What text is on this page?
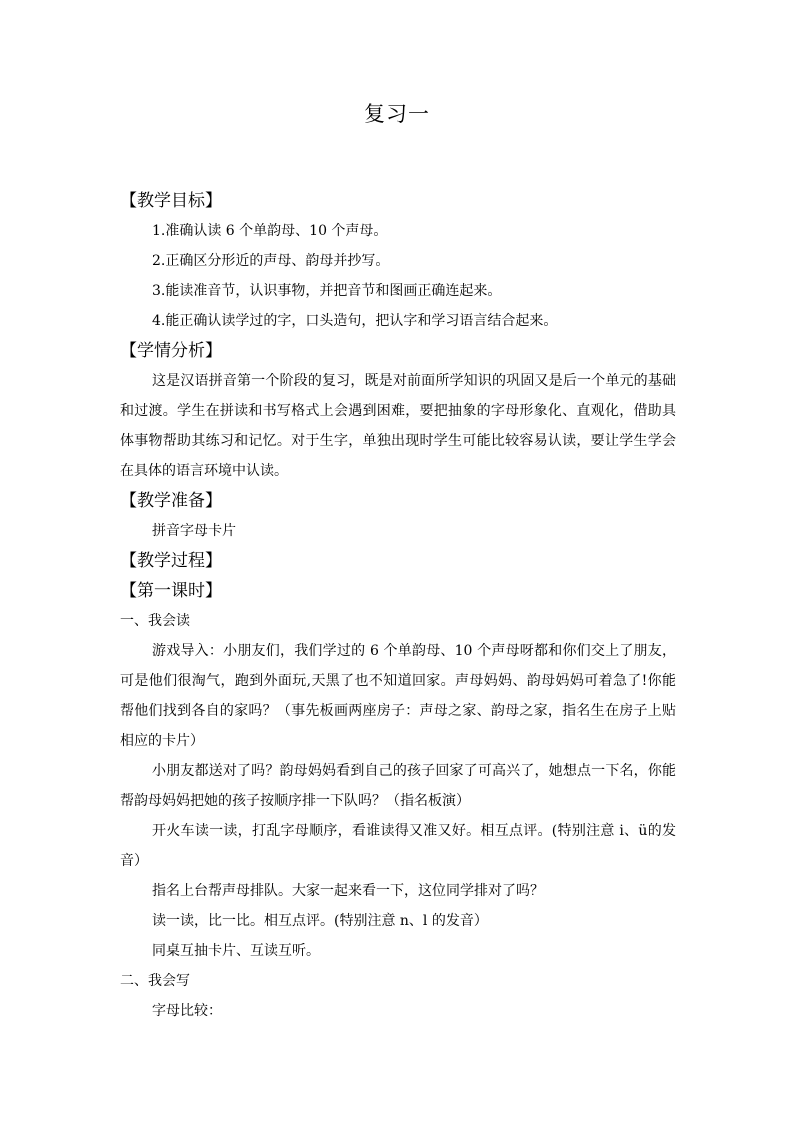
复习一
【教学目标】
1.准确认读 6 个单韵母、10 个声母。
2.正确区分形近的声母、韵母并抄写。
3.能读准音节，认识事物，并把音节和图画正确连起来。
4.能正确认读学过的字，口头造句，把认字和学习语言结合起来。
【学情分析】

这是汉语拼音第一个阶段的复习，既是对前面所学知识的巩固又是后一个单元的基础和过渡。学生在拼读和书写格式上会遇到困难，要把抽象的字母形象化、直观化，借助具体事物帮助其练习和记忆。对于生字，单独出现时学生可能比较容易认读，要让学生学会在具体的语言环境中认读。

【教学准备】
拼音字母卡片
【教学过程】
【第一课时】
一、我会读

游戏导入：小朋友们，我们学过的 6 个单韵母、10 个声母呀都和你们交上了朋友，可是他们很淘气，跑到外面玩,天黑了也不知道回家。声母妈妈、韵母妈妈可着急了!你能帮他们找到各自的家吗？（事先板画两座房子：声母之家、韵母之家，指名生在房子上贴相应的卡片）

小朋友都送对了吗？韵母妈妈看到自己的孩子回家了可高兴了，她想点一下名，你能帮韵母妈妈把她的孩子按顺序排一下队吗？（指名板演）

开火车读一读，打乱字母顺序，看谁读得又准又好。相互点评。(特别注意 i、ü的发音）

指名上台帮声母排队。大家一起来看一下，这位同学排对了吗？

读一读，比一比。相互点评。(特别注意 n、l 的发音）

同桌互抽卡片、互读互听。

二、我会写

字母比较：
